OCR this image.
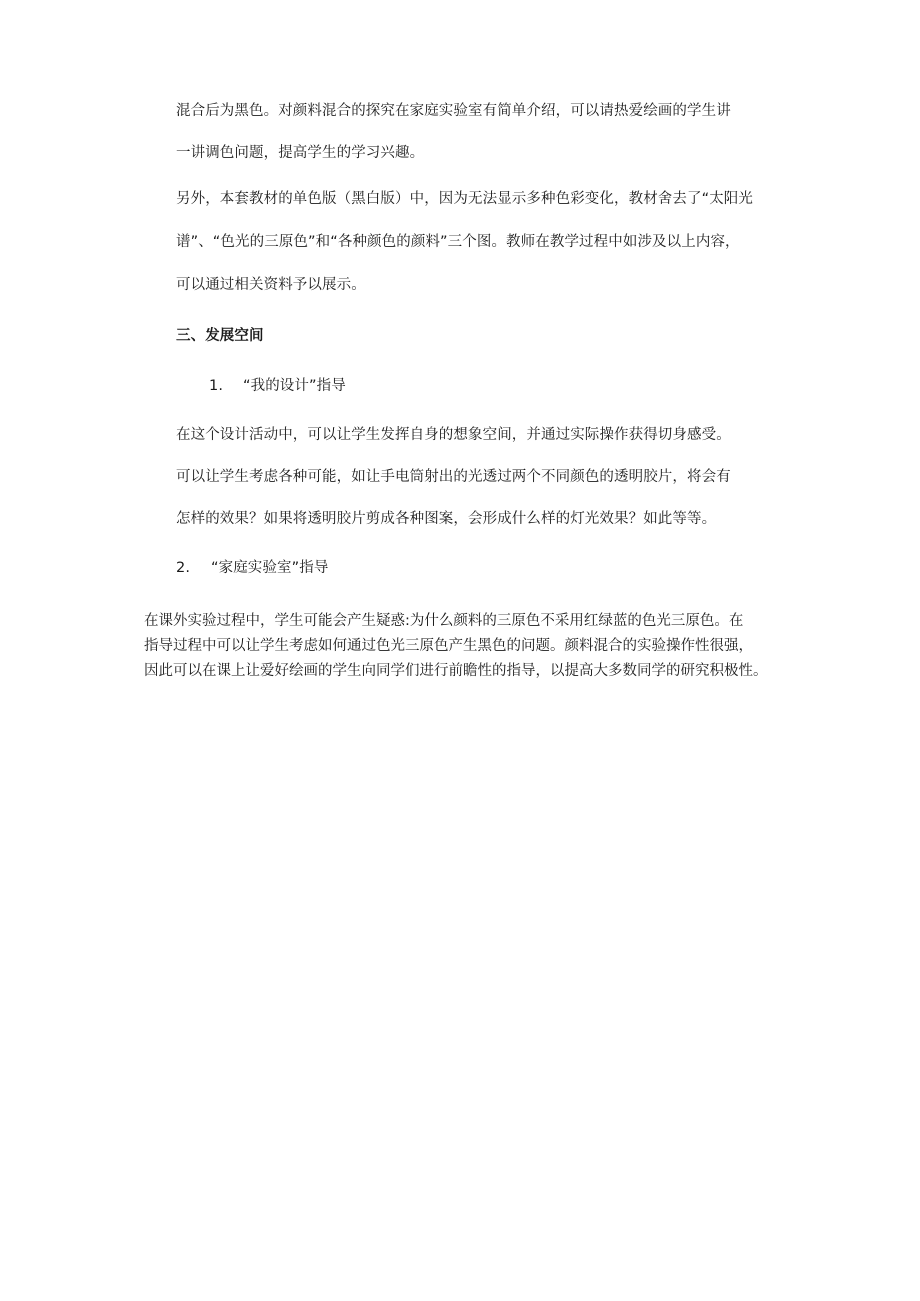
混合后为黑色。对颜料混合的探究在家庭实验室有简单介绍，可以请热爱绘画的学生讲
一讲调色问题，提高学生的学习兴趣。
另外，本套教材的单色版（黑白版）中，因为无法显示多种色彩变化，教材舍去了“太阳光
谱”、“色光的三原色”和“各种颜色的颜料”三个图。教师在教学过程中如涉及以上内容，
可以通过相关资料予以展示。
三、发展空间
1. “我的设计”指导
在这个设计活动中，可以让学生发挥自身的想象空间，并通过实际操作获得切身感受。
可以让学生考虑各种可能，如让手电筒射出的光透过两个不同颜色的透明胶片，将会有
怎样的效果？如果将透明胶片剪成各种图案，会形成什么样的灯光效果？如此等等。
2. “家庭实验室”指导
在课外实验过程中，学生可能会产生疑惑:为什么颜料的三原色不采用红绿蓝的色光三原色。在
指导过程中可以让学生考虑如何通过色光三原色产生黑色的问题。颜料混合的实验操作性很强，
因此可以在课上让爱好绘画的学生向同学们进行前瞻性的指导，以提高大多数同学的研究积极性。
